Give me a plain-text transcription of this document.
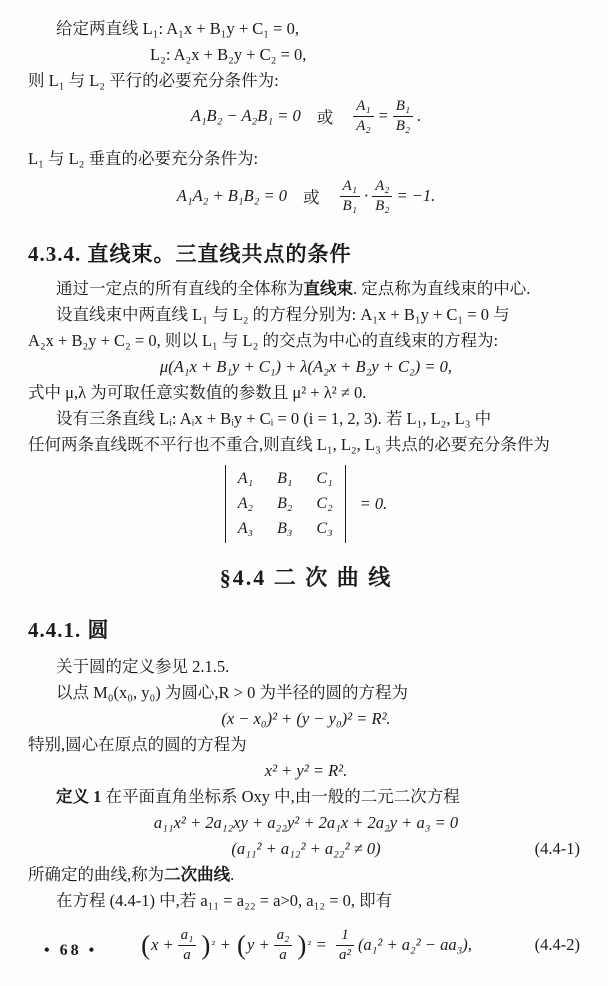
给定两直线 L₁: A₁x + B₁y + C₁ = 0,
L₂: A₂x + B₂y + C₂ = 0,
则 L₁ 与 L₂ 平行的必要充分条件为:
A₁B₂ − A₂B₁ = 0 或 $\frac{\text{A₁}}{\text{A₂}} = \frac{\text{B₁}}{\text{B₂}}$ .
L₁ 与 L₂ 垂直的必要充分条件为:
A₁A₂ + B₁B₂ = 0 或 $\frac{\text{A₁}}{\text{B₁}} \cdot \frac{\text{A₂}}{\text{B₂}} = -1$.
4.3.4. 直线束。三直线共点的条件
通过一定点的所有直线的全体称为直线束. 定点称为直线束的中心.
设直线束中两直线 L₁ 与 L₂ 的方程分别为: A₁x + B₁y + C₁ = 0 与
A₂x + B₂y + C₂ = 0, 则以 L₁ 与 L₂ 的交点为中心的直线束的方程为:
μ(A₁x + B₁y + C₁) + λ(A₂x + B₂y + C₂) = 0,
式中 μ,λ 为可取任意实数值的参数且 μ² + λ² ≠ 0.
设有三条直线 Lᵢ: Aᵢx + Bᵢy + Cᵢ = 0 (i = 1, 2, 3). 若 L₁, L₂, L₃ 中
任何两条直线既不平行也不重合,则直线 L₁, L₂, L₃ 共点的必要充分条件为
A₁ B₁ C₁
A₂ B₂ C₂
A₃ B₃ C₃
= 0.
§4.4 二 次 曲 线
4.4.1. 圆
关于圆的定义参见 2.1.5.
以点 M₀(x₀, y₀) 为圆心,R > 0 为半径的圆的方程为
(x − x₀)² + (y − y₀)² = R².
特别,圆心在原点的圆的方程为
x² + y² = R².
定义 1 在平面直角坐标系 Oxy 中,由一般的二元二次方程
a₁₁x² + 2a₁₂xy + a₂₂y² + 2a₁x + 2a₂y + a₃ = 0
(a₁₁² + a₁₂² + a₂₂² ≠ 0)	(4.4-1)
所确定的曲线,称为二次曲线.
在方程 (4.4-1) 中,若 a₁₁ = a₂₂ = a>0, a₁₂ = 0, 即有
( $x + \frac{\text{a₁}}{a}$ ) ² + ( $y + \frac{\text{a₂}}{a}$ ) $^2 = \frac{1}{\text{a²}} (a_1^2 + a_2^2 - aa_3)$,	(4.4-2)
• 68 •
